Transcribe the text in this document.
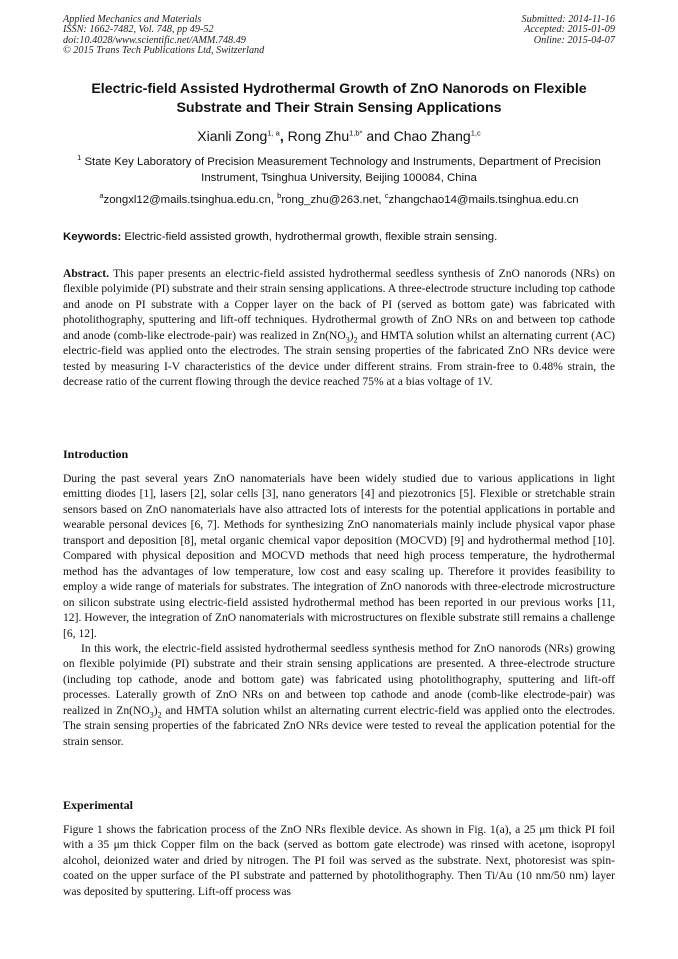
Applied Mechanics and Materials
ISSN: 1662-7482, Vol. 748, pp 49-52
doi:10.4028/www.scientific.net/AMM.748.49
© 2015 Trans Tech Publications Ltd, Switzerland
Submitted: 2014-11-16
Accepted: 2015-01-09
Online: 2015-04-07
Electric-field Assisted Hydrothermal Growth of ZnO Nanorods on Flexible Substrate and Their Strain Sensing Applications
Xianli Zong$^{1, a}$, Rong Zhu$^{1,b*}$ and Chao Zhang$^{1,c}$
$^1$ State Key Laboratory of Precision Measurement Technology and Instruments, Department of Precision Instrument, Tsinghua University, Beijing 100084, China
$^a$zongxl12@mails.tsinghua.edu.cn, $^b$rong_zhu@263.net, $^c$zhangchao14@mails.tsinghua.edu.cn
Keywords: Electric-field assisted growth, hydrothermal growth, flexible strain sensing.

Abstract. This paper presents an electric-field assisted hydrothermal seedless synthesis of ZnO nanorods (NRs) on flexible polyimide (PI) substrate and their strain sensing applications. A three-electrode structure including top cathode and anode on PI substrate with a Copper layer on the back of PI (served as bottom gate) was fabricated with photolithography, sputtering and lift-off techniques. Hydrothermal growth of ZnO NRs on and between top cathode and anode (comb-like electrode-pair) was realized in $Zn(NO_3)_2$ and HMTA solution whilst an alternating current (AC) electric-field was applied onto the electrodes. The strain sensing properties of the fabricated ZnO NRs device were tested by measuring I-V characteristics of the device under different strains. From strain-free to 0.48% strain, the decrease ratio of the current flowing through the device reached 75% at a bias voltage of 1V.

Introduction

During the past several years ZnO nanomaterials have been widely studied due to various applications in light emitting diodes [1], lasers [2], solar cells [3], nano generators [4] and piezotronics [5]. Flexible or stretchable strain sensors based on ZnO nanomaterials have also attracted lots of interests for the potential applications in portable and wearable personal devices [6, 7]. Methods for synthesizing ZnO nanomaterials mainly include physical vapor phase transport and deposition [8], metal organic chemical vapor deposition (MOCVD) [9] and hydrothermal method [10]. Compared with physical deposition and MOCVD methods that need high process temperature, the hydrothermal method has the advantages of low temperature, low cost and easy scaling up. Therefore it provides feasibility to employ a wide range of materials for substrates. The integration of ZnO nanorods with three-electrode microstructure on silicon substrate using electric-field assisted hydrothermal method has been reported in our previous works [11, 12]. However, the integration of ZnO nanomaterials with microstructures on flexible substrate still remains a challenge [6, 12].

In this work, the electric-field assisted hydrothermal seedless synthesis method for ZnO nanorods (NRs) growing on flexible polyimide (PI) substrate and their strain sensing applications are presented. A three-electrode structure (including top cathode, anode and bottom gate) was fabricated using photolithography, sputtering and lift-off processes. Laterally growth of ZnO NRs on and between top cathode and anode (comb-like electrode-pair) was realized in $Zn(NO_3)_2$ and HMTA solution whilst an alternating current electric-field was applied onto the electrodes. The strain sensing properties of the fabricated ZnO NRs device were tested to reveal the application potential for the strain sensor.

Experimental

Figure 1 shows the fabrication process of the ZnO NRs flexible device. As shown in Fig. 1(a), a 25 μm thick PI foil with a 35 μm thick Copper film on the back (served as bottom gate electrode) was rinsed with acetone, isopropyl alcohol, deionized water and dried by nitrogen. The PI foil was served as the substrate. Next, photoresist was spin-coated on the upper surface of the PI substrate and patterned by photolithography. Then Ti/Au (10 nm/50 nm) layer was deposited by sputtering. Lift-off process was
